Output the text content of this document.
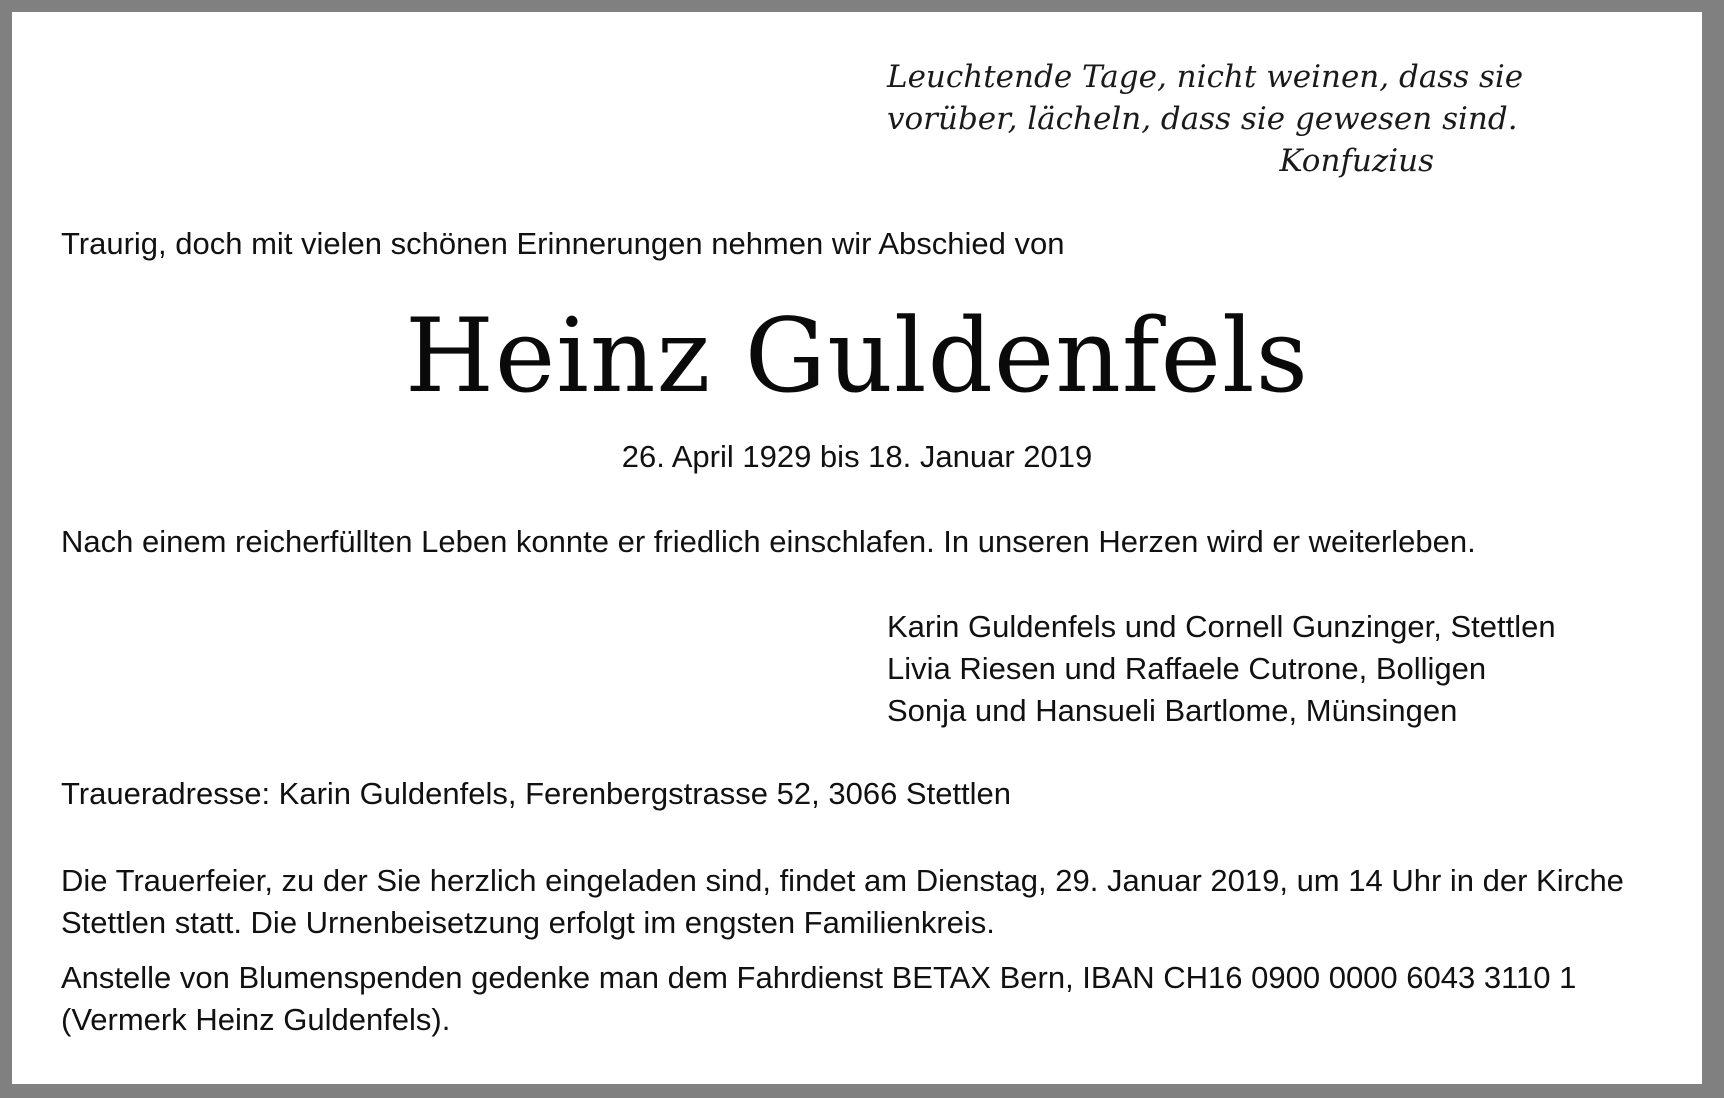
Leuchtende Tage, nicht weinen, dass sie
vorüber, lächeln, dass sie gewesen sind.
Konfuzius
Traurig, doch mit vielen schönen Erinnerungen nehmen wir Abschied von
Heinz Guldenfels
26. April 1929 bis 18. Januar 2019
Nach einem reicherfüllten Leben konnte er friedlich einschlafen. In unseren Herzen wird er weiterleben.
Karin Guldenfels und Cornell Gunzinger, Stettlen
Livia Riesen und Raffaele Cutrone, Bolligen
Sonja und Hansueli Bartlome, Münsingen
Traueradresse: Karin Guldenfels, Ferenbergstrasse 52, 3066 Stettlen
Die Trauerfeier, zu der Sie herzlich eingeladen sind, findet am Dienstag, 29. Januar 2019, um 14 Uhr in der Kirche
Stettlen statt. Die Urnenbeisetzung erfolgt im engsten Familienkreis.
Anstelle von Blumenspenden gedenke man dem Fahrdienst BETAX Bern, IBAN CH16 0900 0000 6043 3110 1
(Vermerk Heinz Guldenfels).
